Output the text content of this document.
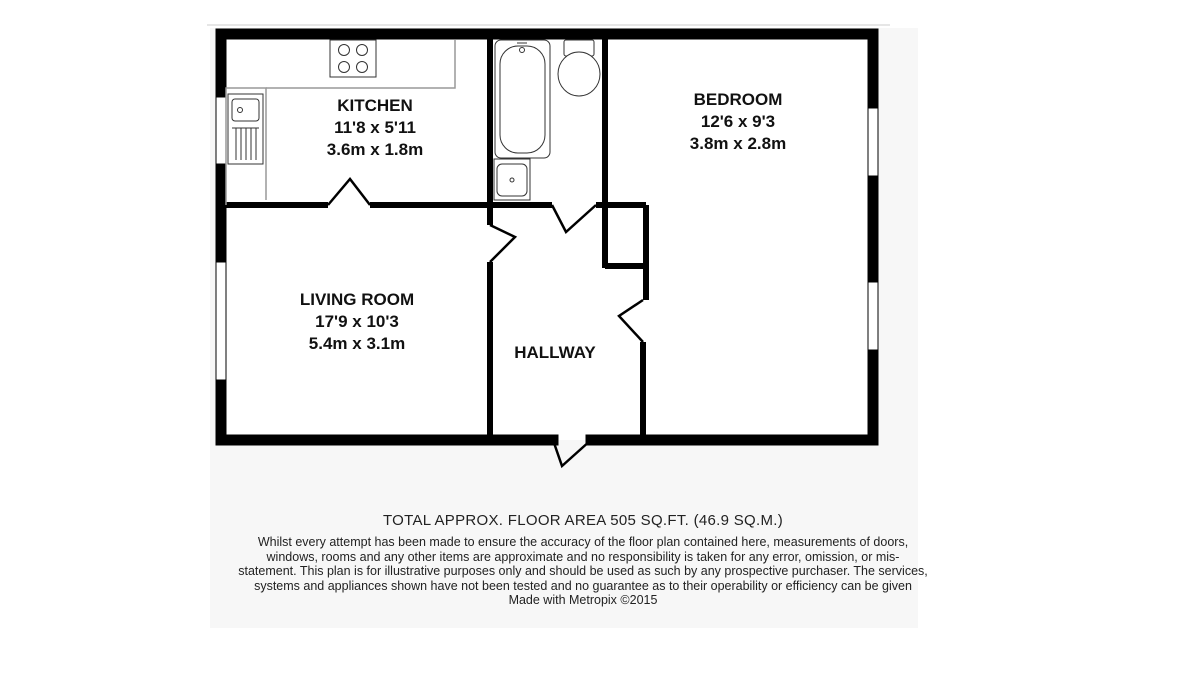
KITCHEN
11'8 x 5'11
3.6m x 1.8m
BEDROOM
12'6 x 9'3
3.8m x 2.8m
LIVING ROOM
17'9 x 10'3
5.4m x 3.1m	HALLWAY
TOTAL APPROX. FLOOR AREA 505 SQ.FT. (46.9 SQ.M.)
Whilst every attempt has been made to ensure the accuracy of the floor plan contained here, measurements of doors, windows, rooms and any other items are approximate and no responsibility is taken for any error, omission, or mis-statement. This plan is for illustrative purposes only and should be used as such by any prospective purchaser. The services, systems and appliances shown have not been tested and no guarantee as to their operability or efficiency can be given
Made with Metropix ©2015
